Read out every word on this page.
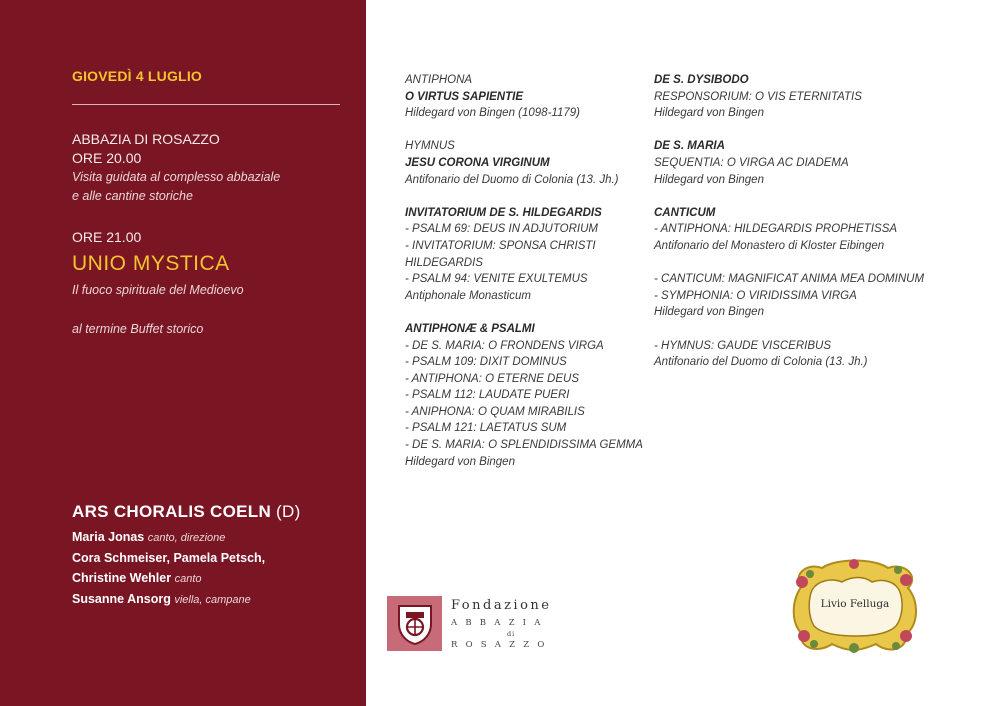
GIOVEDÌ 4 LUGLIO
ABBAZIA DI ROSAZZO
ORE 20.00
Visita guidata al complesso abbaziale
e alle cantine storiche
ORE 21.00
UNIO MYSTICA
Il fuoco spirituale del Medioevo
al termine Buffet storico
ARS CHORALIS COELN (D)
Maria Jonas canto, direzione
Cora Schmeiser, Pamela Petsch,
Christine Wehler canto
Susanne Ansorg viella, campane

ANTIPHONA
O VIRTUS SAPIENTIE
Hildegard von Bingen (1098-1179)

HYMNUS
JESU CORONA VIRGINUM
Antifonario del Duomo di Colonia (13. Jh.)

INVITATORIUM DE S. HILDEGARDIS
- PSALM 69: DEUS IN ADJUTORIUM
- INVITATORIUM: SPONSA CHRISTI
HILDEGARDIS
- PSALM 94: VENITE EXULTEMUS
Antiphonale Monasticum

ANTIPHONÆ & PSALMI
- DE S. MARIA: O FRONDENS VIRGA
- PSALM 109: DIXIT DOMINUS
- ANTIPHONA: O ETERNE DEUS
- PSALM 112: LAUDATE PUERI
- ANIPHONA: O QUAM MIRABILIS
- PSALM 121: LAETATUS SUM
- DE S. MARIA: O SPLENDIDISSIMA GEMMA
Hildegard von Bingen

DE S. DYSIBODO
RESPONSORIUM: O VIS ETERNITATIS
Hildegard von Bingen

DE S. MARIA
SEQUENTIA: O VIRGA AC DIADEMA
Hildegard von Bingen

CANTICUM
- ANTIPHONA: HILDEGARDIS PROPHETISSA
Antifonario del Monastero di Kloster Eibingen

- CANTICUM: MAGNIFICAT ANIMA MEA DOMINUM
- SYMPHONIA: O VIRIDISSIMA VIRGA
Hildegard von Bingen

- HYMNUS: GAUDE VISCERIBUS
Antifonario del Duomo di Colonia (13. Jh.)

Fondazione
ABBAZIA
di
ROSAZZO
Livio Felluga
